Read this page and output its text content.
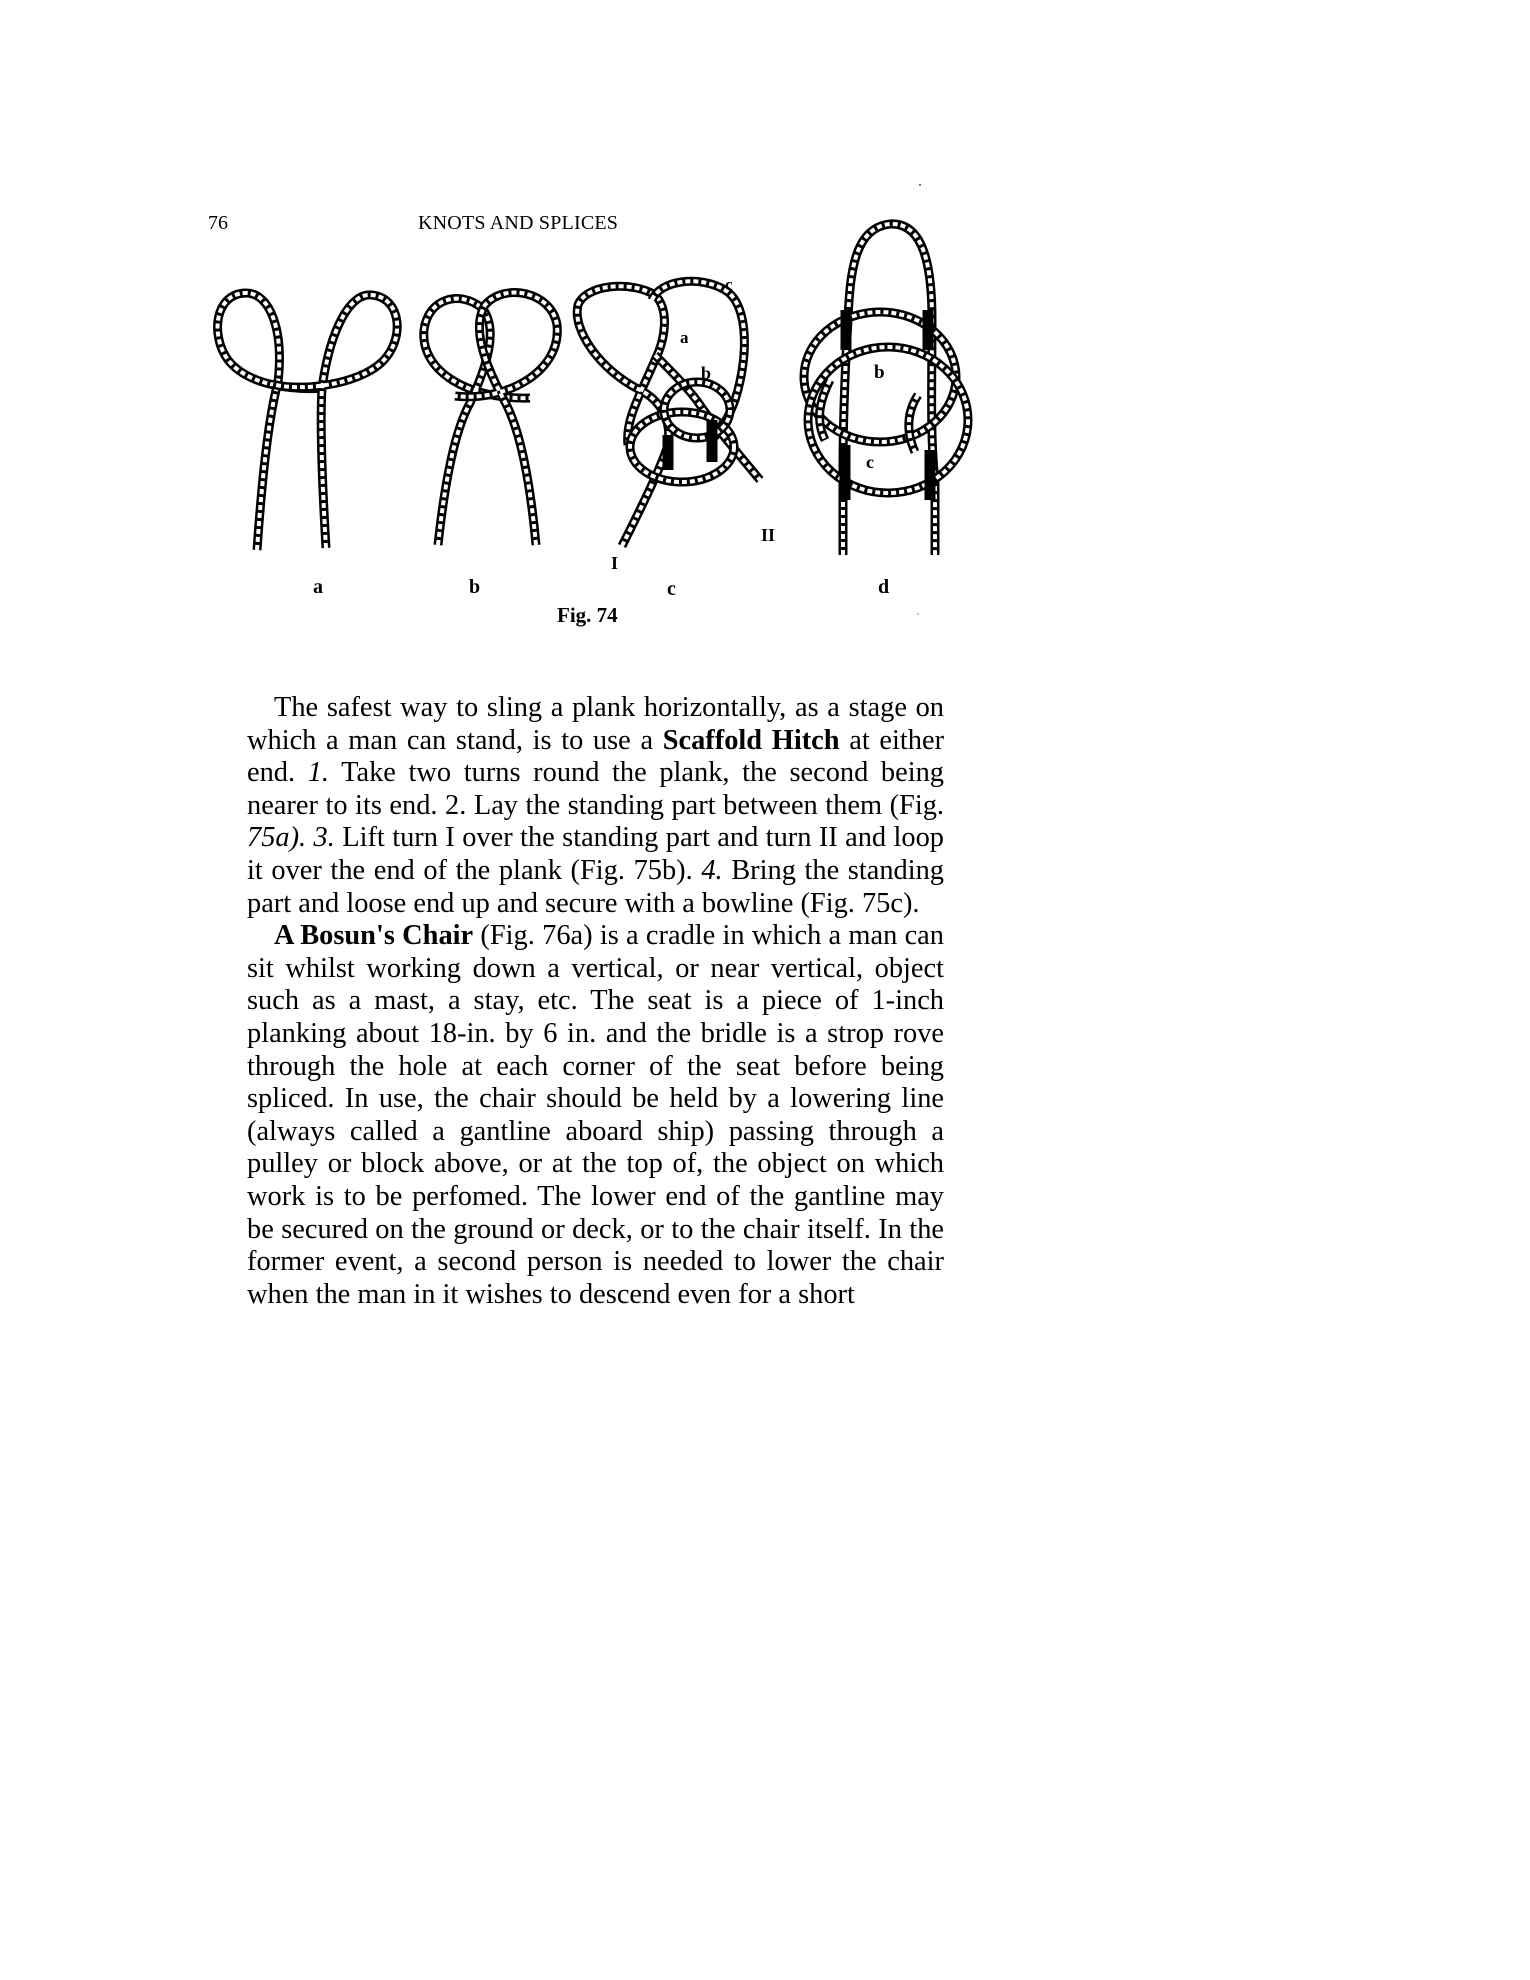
76	KNOTS AND SPLICES
c
a
b
I
II
b
c
a	b	c	d
Fig. 74

The safest way to sling a plank horizontally, as a stage on which a man can stand, is to use a Scaffold Hitch at either end. 1. Take two turns round the plank, the second being nearer to its end. 2. Lay the standing part between them (Fig. 75a). 3. Lift turn I over the standing part and turn II and loop it over the end of the plank (Fig. 75b). 4. Bring the standing part and loose end up and secure with a bowline (Fig. 75c).

A Bosun's Chair (Fig. 76a) is a cradle in which a man can sit whilst working down a vertical, or near vertical, object such as a mast, a stay, etc. The seat is a piece of 1-inch planking about 18-in. by 6 in. and the bridle is a strop rove through the hole at each corner of the seat before being spliced. In use, the chair should be held by a lowering line (always called a gantline aboard ship) passing through a pulley or block above, or at the top of, the object on which work is to be perfomed. The lower end of the gantline may be secured on the ground or deck, or to the chair itself. In the former event, a second person is needed to lower the chair when the man in it wishes to descend even for a short
